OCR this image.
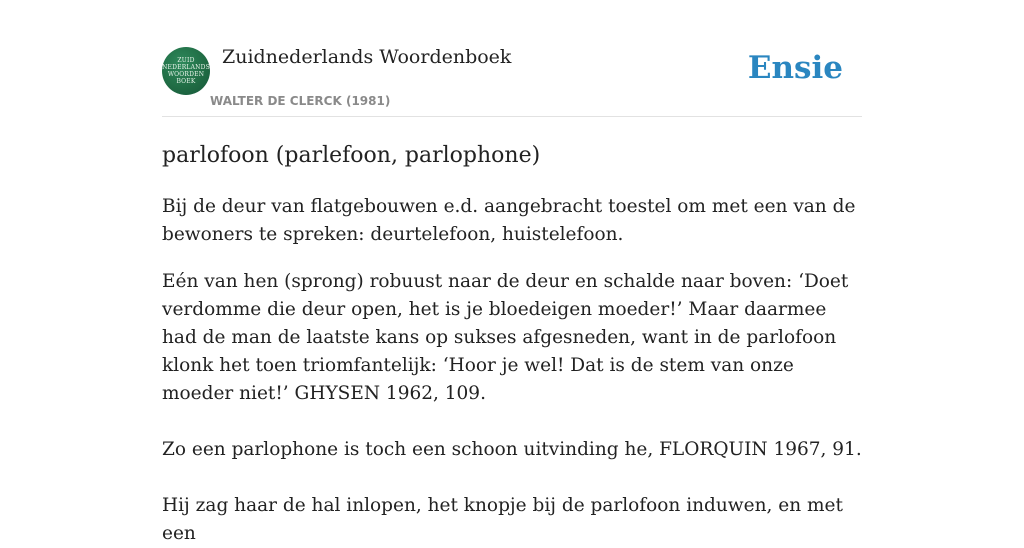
ZUID
NEDERLANDS
WOORDEN
BOEK
Zuidnederlands Woordenboek
WALTER DE CLERCK (1981)
Ensie
parlofoon (parlefoon, parlophone)

Bij de deur van flatgebouwen e.d. aangebracht toestel om met een van de bewoners te spreken: deurtelefoon, huistelefoon.

Eén van hen (sprong) robuust naar de deur en schalde naar boven: ‘Doet verdomme die deur open, het is je bloedeigen moeder!’ Maar daarmee had de man de laatste kans op sukses afgesneden, want in de parlofoon klonk het toen triomfantelijk: ‘Hoor je wel! Dat is de stem van onze moeder niet!’ GHYSEN 1962, 109.

Zo een parlophone is toch een schoon uitvinding he, FLORQUIN 1967, 91.

Hij zag haar de hal inlopen, het knopje bij de parlofoon induwen, en met een
